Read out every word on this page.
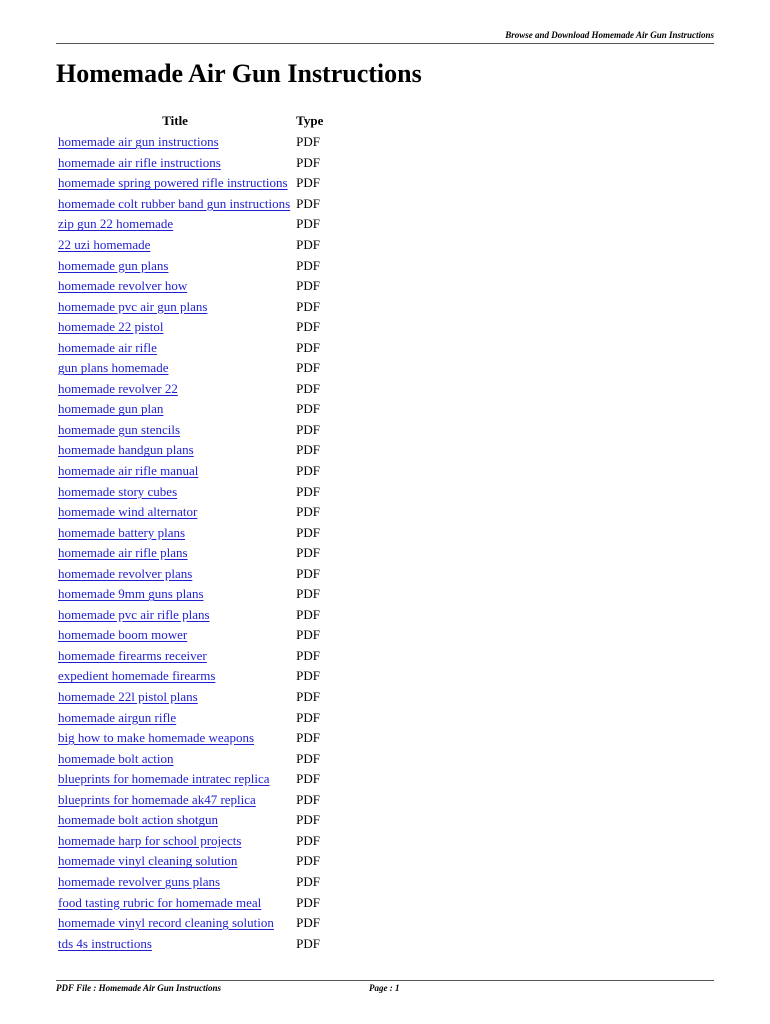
Browse and Download Homemade Air Gun Instructions
Homemade Air Gun Instructions
Title	Type
homemade air gun instructions	PDF
homemade air rifle instructions	PDF
homemade spring powered rifle instructions	PDF
homemade colt rubber band gun instructions	PDF
zip gun 22 homemade	PDF
22 uzi homemade	PDF
homemade gun plans	PDF
homemade revolver how	PDF
homemade pvc air gun plans	PDF
homemade 22 pistol	PDF
homemade air rifle	PDF
gun plans homemade	PDF
homemade revolver 22	PDF
homemade gun plan	PDF
homemade gun stencils	PDF
homemade handgun plans	PDF
homemade air rifle manual	PDF
homemade story cubes	PDF
homemade wind alternator	PDF
homemade battery plans	PDF
homemade air rifle plans	PDF
homemade revolver plans	PDF
homemade 9mm guns plans	PDF
homemade pvc air rifle plans	PDF
homemade boom mower	PDF
homemade firearms receiver	PDF
expedient homemade firearms	PDF
homemade 22l pistol plans	PDF
homemade airgun rifle	PDF
big how to make homemade weapons	PDF
homemade bolt action	PDF
blueprints for homemade intratec replica	PDF
blueprints for homemade ak47 replica	PDF
homemade bolt action shotgun	PDF
homemade harp for school projects	PDF
homemade vinyl cleaning solution	PDF
homemade revolver guns plans	PDF
food tasting rubric for homemade meal	PDF
homemade vinyl record cleaning solution	PDF
tds 4s instructions	PDF
PDF File : Homemade Air Gun Instructions	Page : 1
